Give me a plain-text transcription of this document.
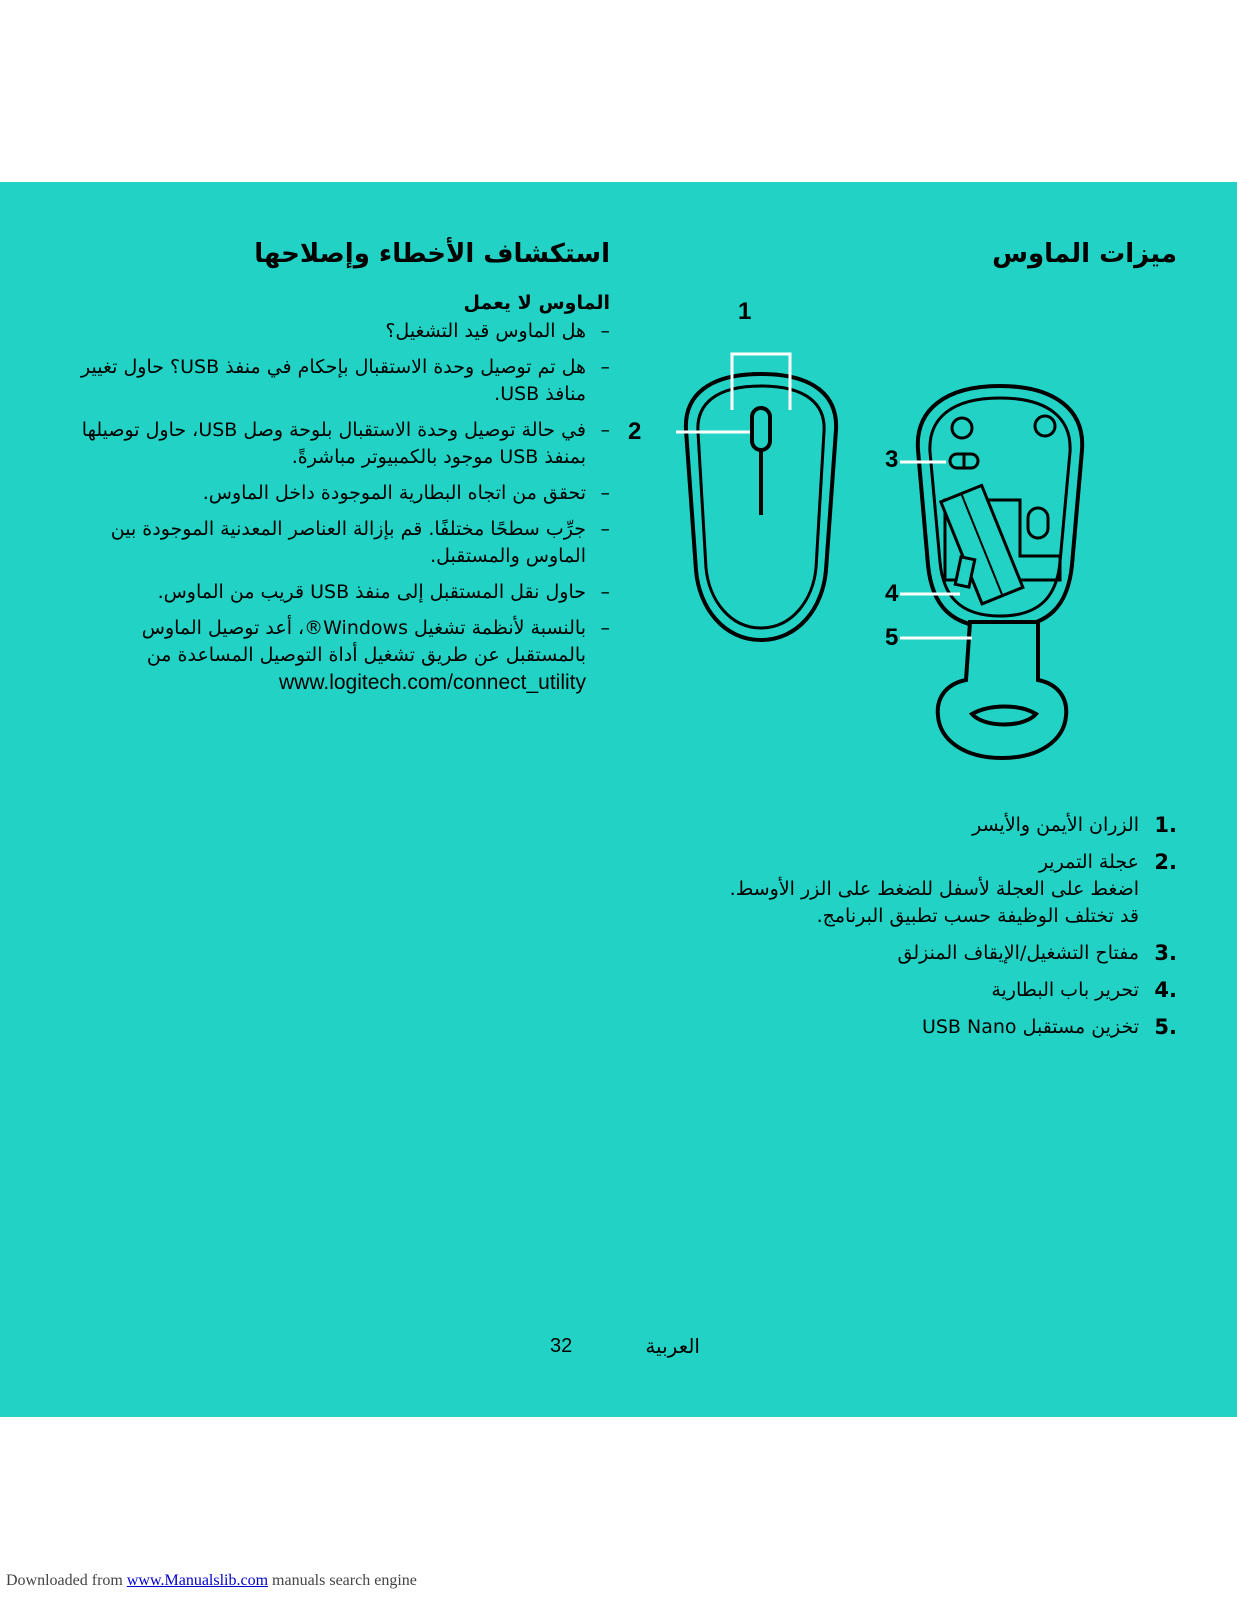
ميزات الماوس
استكشاف الأخطاء وإصلاحها
الماوس لا يعمل
–
هل الماوس قيد التشغيل؟
–
هل تم توصيل وحدة الاستقبال بإحكام في منفذ USB؟ حاول تغيير منافذ USB.
–
في حالة توصيل وحدة الاستقبال بلوحة وصل USB، حاول توصيلها بمنفذ USB موجود بالكمبيوتر مباشرةً.
–
تحقق من اتجاه البطارية الموجودة داخل الماوس.
–
جرِّب سطحًا مختلفًا. قم بإزالة العناصر المعدنية الموجودة بين الماوس والمستقبل.
–
حاول نقل المستقبل إلى منفذ USB قريب من الماوس.
–
بالنسبة لأنظمة تشغيل Windows®، أعد توصيل الماوس بالمستقبل عن طريق تشغيل أداة التوصيل المساعدة من
www.logitech.com/connect_utility
1
2
3
4
5
1.
الزران الأيمن والأيسر
2.
عجلة التمرير
اضغط على العجلة لأسفل للضغط على الزر الأوسط.
قد تختلف الوظيفة حسب تطبيق البرنامج.
3.
مفتاح التشغيل/الإيقاف المنزلق
4.
تحرير باب البطارية
5.
تخزين مستقبل USB Nano
32	العربية
Downloaded from www.Manualslib.com manuals search engine
